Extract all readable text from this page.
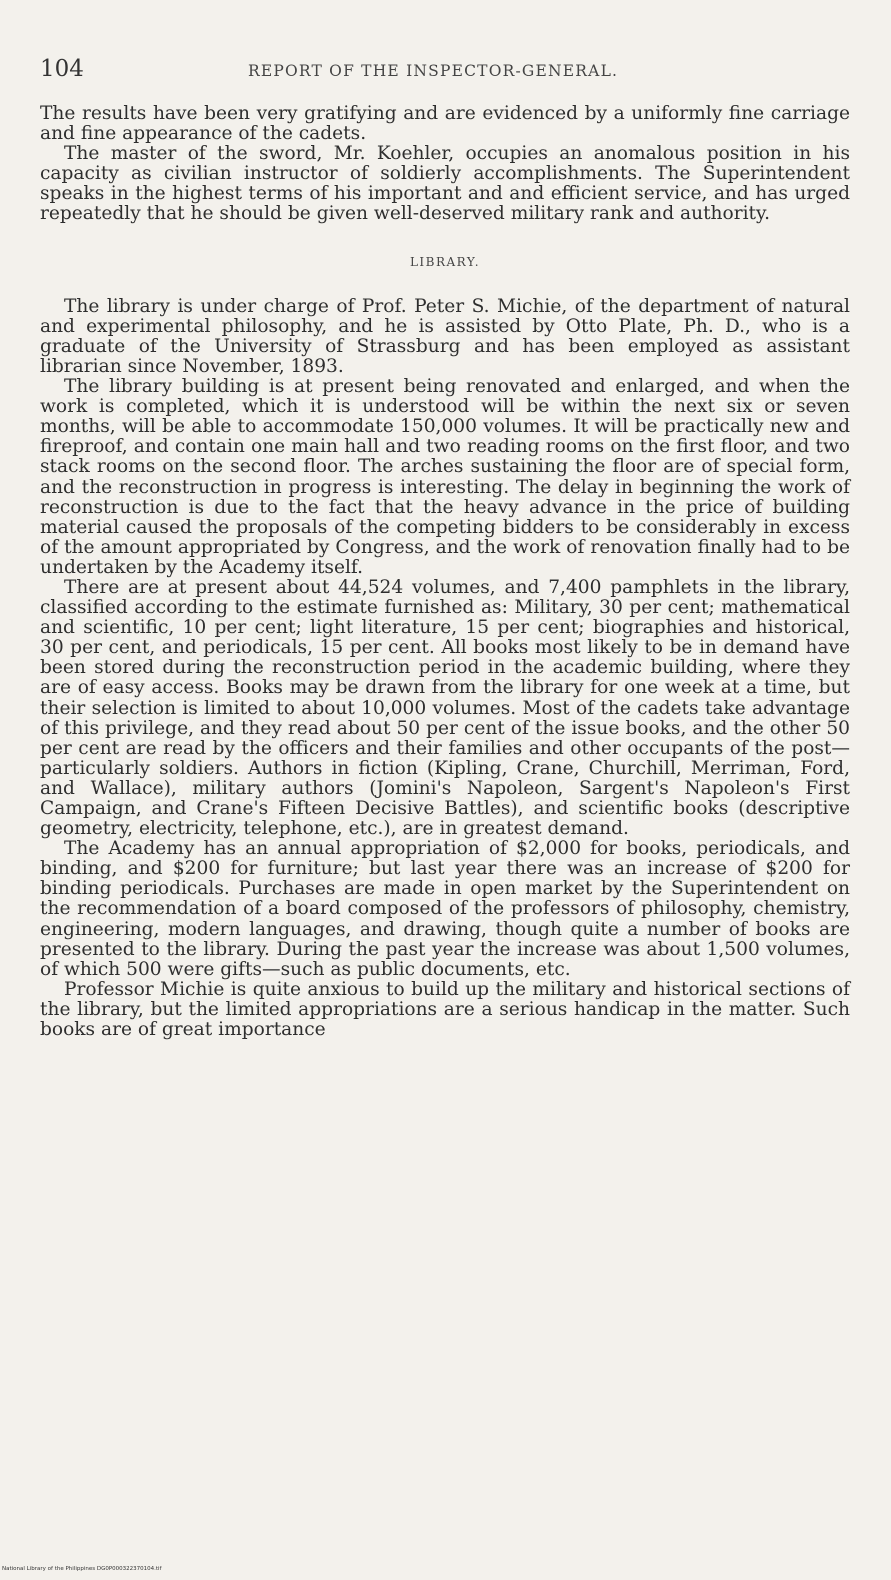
104	REPORT OF THE INSPECTOR-GENERAL.

The results have been very gratifying and are evidenced by a uniformly fine carriage and fine appearance of the cadets.

The master of the sword, Mr. Koehler, occupies an anomalous position in his capacity as civilian instructor of soldierly accomplishments. The Superintendent speaks in the highest terms of his important and and efficient service, and has urged repeatedly that he should be given well-deserved military rank and authority.

LIBRARY.

The library is under charge of Prof. Peter S. Michie, of the department of natural and experimental philosophy, and he is assisted by Otto Plate, Ph. D., who is a graduate of the University of Strassburg and has been employed as assistant librarian since November, 1893.

The library building is at present being renovated and enlarged, and when the work is completed, which it is understood will be within the next six or seven months, will be able to accommodate 150,000 volumes. It will be practically new and fireproof, and contain one main hall and two reading rooms on the first floor, and two stack rooms on the second floor. The arches sustaining the floor are of special form, and the reconstruction in progress is interesting. The delay in beginning the work of reconstruction is due to the fact that the heavy advance in the price of building material caused the proposals of the competing bidders to be considerably in excess of the amount appropriated by Congress, and the work of renovation finally had to be undertaken by the Academy itself.

There are at present about 44,524 volumes, and 7,400 pamphlets in the library, classified according to the estimate furnished as: Military, 30 per cent; mathematical and scientific, 10 per cent; light literature, 15 per cent; biographies and historical, 30 per cent, and periodicals, 15 per cent. All books most likely to be in demand have been stored during the reconstruction period in the academic building, where they are of easy access. Books may be drawn from the library for one week at a time, but their selection is limited to about 10,000 volumes. Most of the cadets take advantage of this privilege, and they read about 50 per cent of the issue books, and the other 50 per cent are read by the officers and their families and other occupants of the post—particularly soldiers. Authors in fiction (Kipling, Crane, Churchill, Merriman, Ford, and Wallace), military authors (Jomini's Napoleon, Sargent's Napoleon's First Campaign, and Crane's Fifteen Decisive Battles), and scientific books (descriptive geometry, electricity, telephone, etc.), are in greatest demand.

The Academy has an annual appropriation of $2,000 for books, periodicals, and binding, and $200 for furniture; but last year there was an increase of $200 for binding periodicals. Purchases are made in open market by the Superintendent on the recommendation of a board composed of the professors of philosophy, chemistry, engineering, modern languages, and drawing, though quite a number of books are presented to the library. During the past year the increase was about 1,500 volumes, of which 500 were gifts—such as public documents, etc.

Professor Michie is quite anxious to build up the military and historical sections of the library, but the limited appropriations are a serious handicap in the matter. Such books are of great importance

National Library of the Philippines DG0P000322370104.tif
